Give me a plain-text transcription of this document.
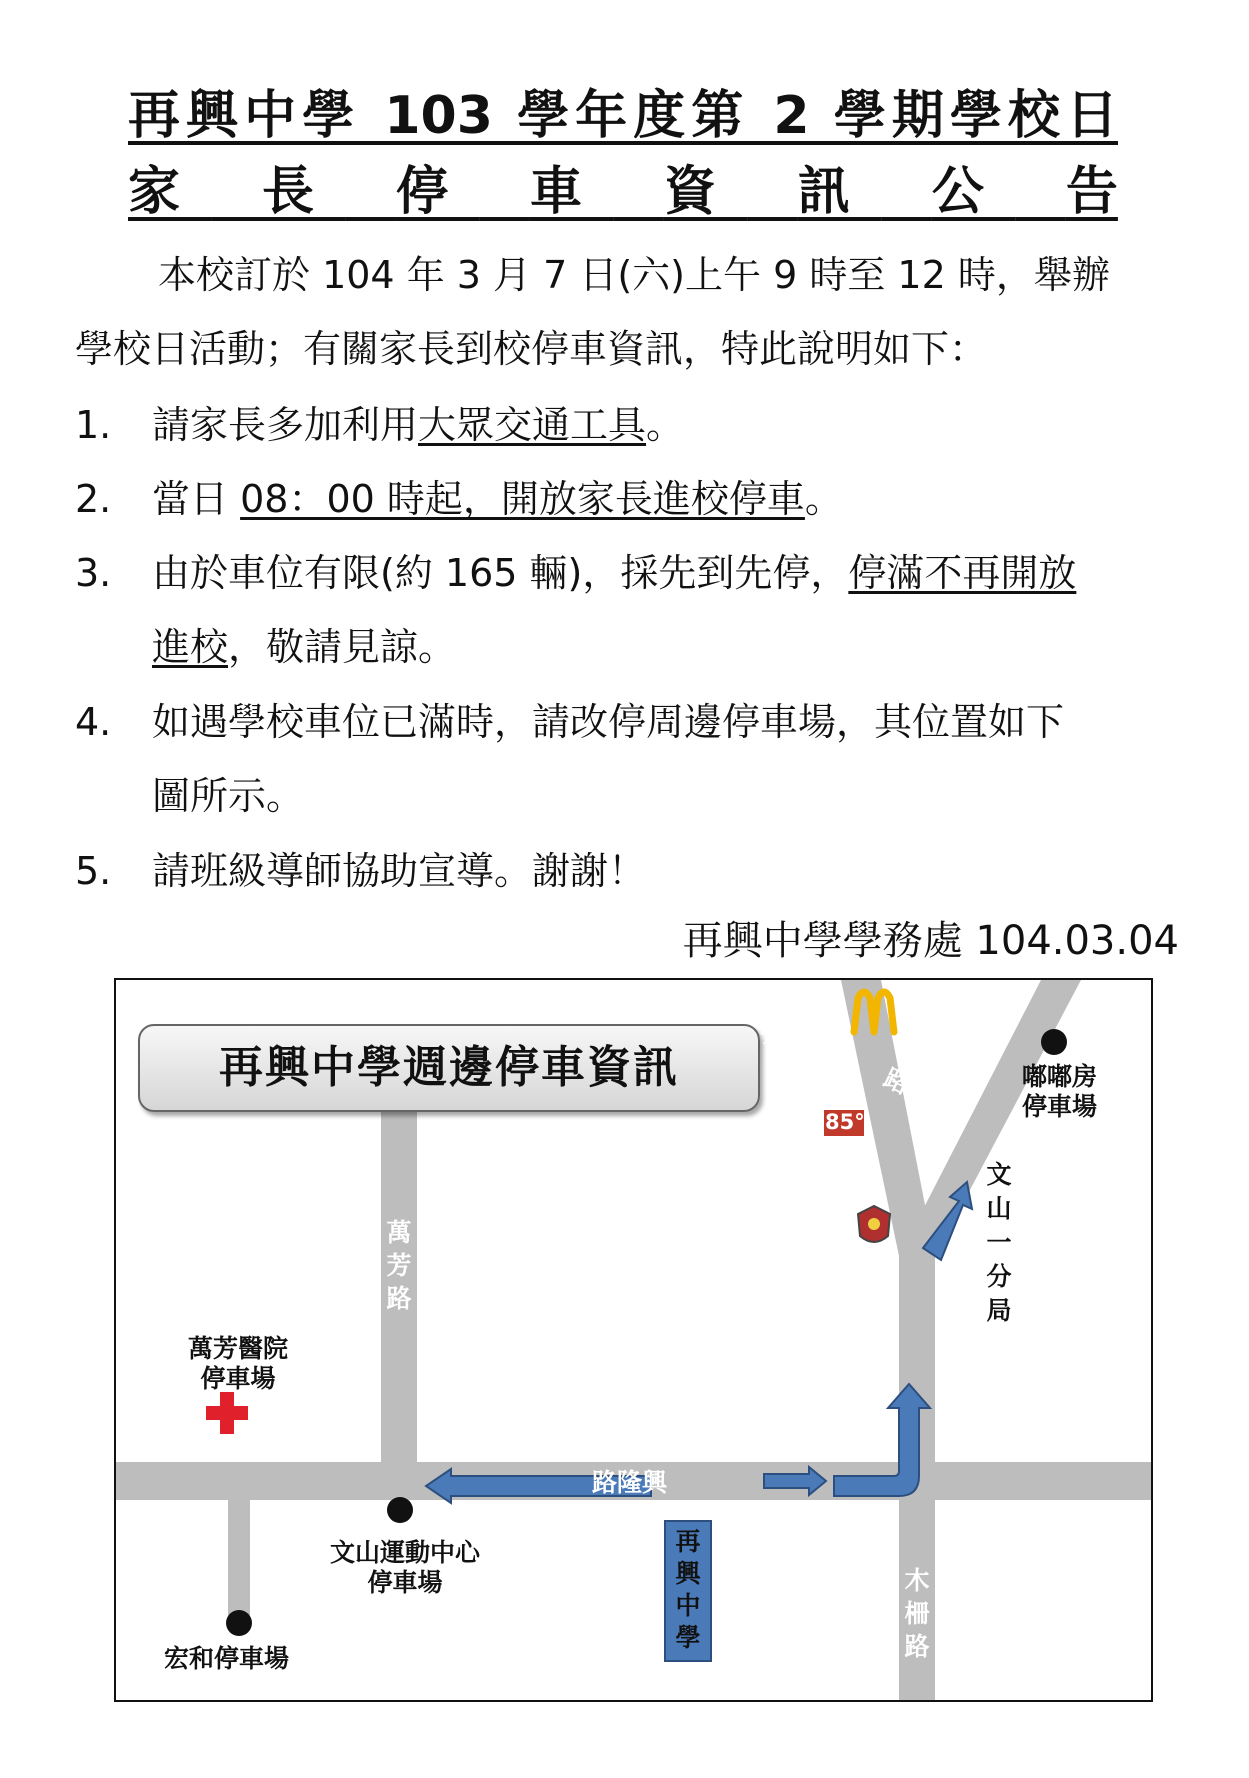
再興中學 103 學年度第 2 學期學校日
家 長 停 車 資 訊 公 告
本校訂於 104 年 3 月 7 日(六)上午 9 時至 12 時，舉辦
學校日活動；有關家長到校停車資訊，特此說明如下：
1. 請家長多加利用大眾交通工具。
2. 當日 08：00 時起，開放家長進校停車。
3. 由於車位有限(約 165 輛)，採先到先停，停滿不再開放
進校，敬請見諒。
4. 如遇學校車位已滿時，請改停周邊停車場，其位置如下
圖所示。
5. 請班級導師協助宣導。謝謝！
再興中學學務處 104.03.04
再興中學週邊停車資訊
萬
芳
路
秀
明
路
木
柵
路
木
柵
路
路隆興
萬芳醫院
停車場
嘟嘟房
停車場
文山運動中心
停車場
宏和停車場
文
山
一
分
局
85°
再
興
中
學
